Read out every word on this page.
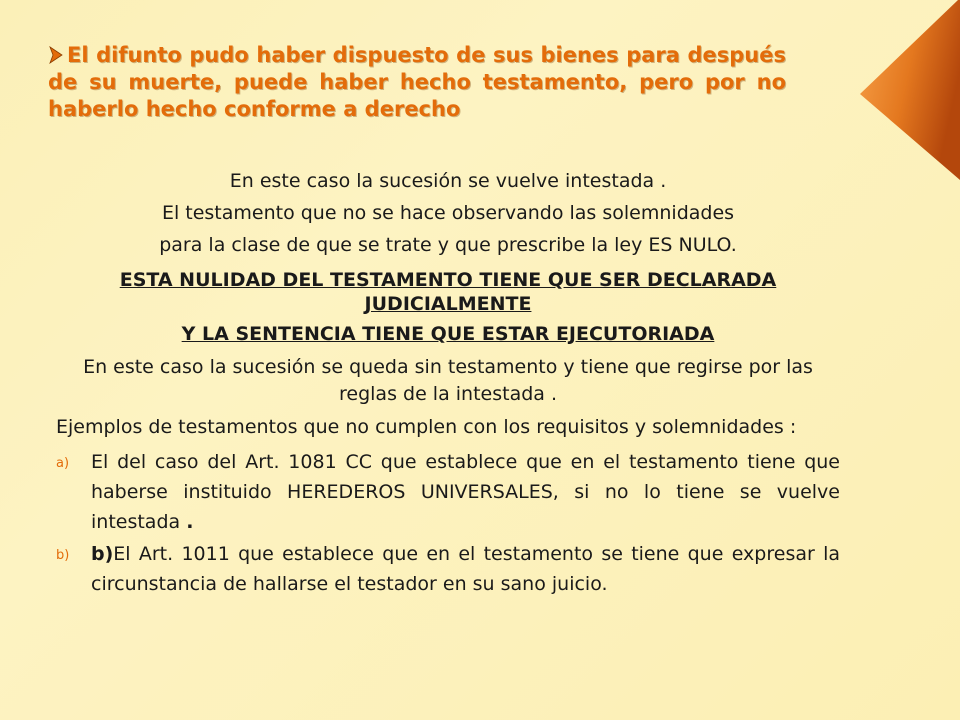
El difunto pudo haber dispuesto de sus bienes para después de su muerte, puede haber hecho testamento, pero por no haberlo hecho conforme a derecho

En este caso la sucesión se vuelve intestada .

El testamento que no se hace observando las solemnidades

para la clase de que se trate y que prescribe la ley ES NULO.

ESTA NULIDAD DEL TESTAMENTO TIENE QUE SER DECLARADA JUDICIALMENTE

Y LA SENTENCIA TIENE QUE ESTAR EJECUTORIADA

En este caso la sucesión se queda sin testamento y tiene que regirse por las reglas de la intestada .

Ejemplos de testamentos que no cumplen con los requisitos y solemnidades :

a) El del caso del Art. 1081 CC que establece que en el testamento tiene que haberse instituido HEREDEROS UNIVERSALES, si no lo tiene se vuelve intestada .
b) b)El Art. 1011 que establece que en el testamento se tiene que expresar la circunstancia de hallarse el testador en su sano juicio.
